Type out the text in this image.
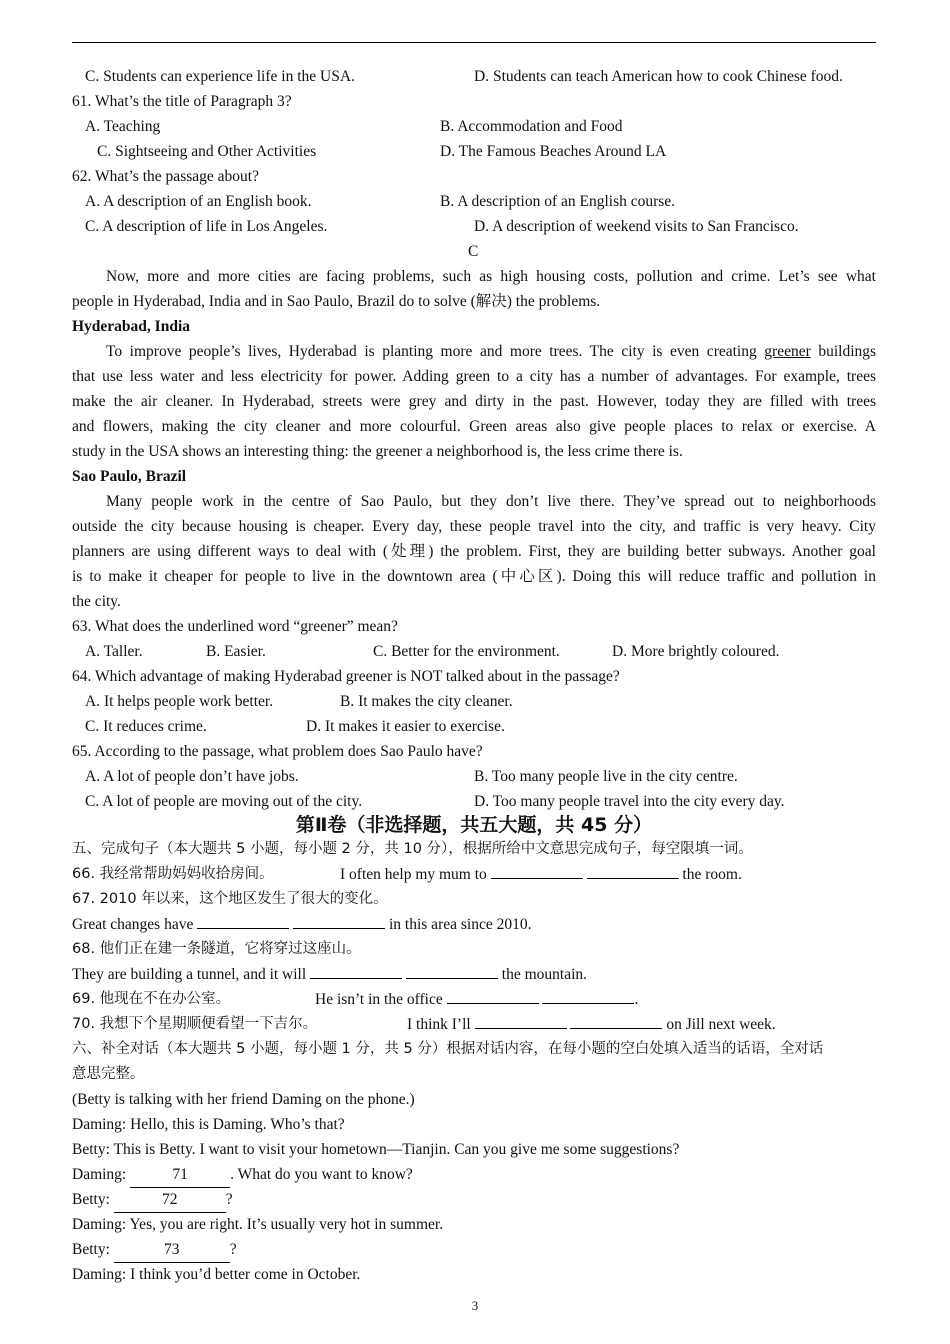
C. Students can experience life in the USA.	D. Students can teach American how to cook Chinese food.
61. What’s the title of Paragraph 3?
A. Teaching	B. Accommodation and Food
C. Sightseeing and Other Activities	D. The Famous Beaches Around LA
62. What’s the passage about?
A. A description of an English book.	B. A description of an English course.
C. A description of life in Los Angeles.	D. A description of weekend visits to San Francisco.
C
Now, more and more cities are facing problems, such as high housing costs, pollution and crime. Let’s see what
people in Hyderabad, India and in Sao Paulo, Brazil do to solve (解决) the problems.
Hyderabad, India
To improve people’s lives, Hyderabad is planting more and more trees. The city is even creating greener buildings
that use less water and less electricity for power. Adding green to a city has a number of advantages. For example, trees
make the air cleaner. In Hyderabad, streets were grey and dirty in the past. However, today they are filled with trees
and flowers, making the city cleaner and more colourful. Green areas also give people places to relax or exercise. A
study in the USA shows an interesting thing: the greener a neighborhood is, the less crime there is.
Sao Paulo, Brazil
Many people work in the centre of Sao Paulo, but they don’t live there. They’ve spread out to neighborhoods
outside the city because housing is cheaper. Every day, these people travel into the city, and traffic is very heavy. City
planners are using different ways to deal with (处理) the problem. First, they are building better subways. Another goal
is to make it cheaper for people to live in the downtown area (中心区). Doing this will reduce traffic and pollution in
the city.
63. What does the underlined word “greener” mean?
A. Taller.	B. Easier.	C. Better for the environment.	D. More brightly coloured.
64. Which advantage of making Hyderabad greener is NOT talked about in the passage?
A. It helps people work better.	B. It makes the city cleaner.
C. It reduces crime.	D. It makes it easier to exercise.
65. According to the passage, what problem does Sao Paulo have?
A. A lot of people don’t have jobs.	B. Too many people live in the city centre.
C. A lot of people are moving out of the city.	D. Too many people travel into the city every day.
第Ⅱ卷（非选择题，共五大题，共 45 分）
五、完成句子（本大题共 5 小题，每小题 2 分，共 10 分），根据所给中文意思完成句子，每空限填一词。
66. 我经常帮助妈妈收拾房间。	I often help my mum to	the room.
67. 2010 年以来，这个地区发生了很大的变化。
Great changes have	in this area since 2010.
68. 他们正在建一条隧道，它将穿过这座山。
They are building a tunnel, and it will	the mountain.
69. 他现在不在办公室。	He isn’t in the office	.
70. 我想下个星期顺便看望一下吉尔。	I think I’ll	on Jill next week.
六、补全对话（本大题共 5 小题，每小题 1 分，共 5 分）根据对话内容，在每小题的空白处填入适当的话语，全对话
意思完整。
(Betty is talking with her friend Daming on the phone.)
Daming: Hello, this is Daming. Who’s that?
Betty: This is Betty. I want to visit your hometown—Tianjin. Can you give me some suggestions?
Daming:	71	. What do you want to know?
Betty:	72	?
Daming: Yes, you are right. It’s usually very hot in summer.
Betty:	73	?
Daming: I think you’d better come in October.
3
